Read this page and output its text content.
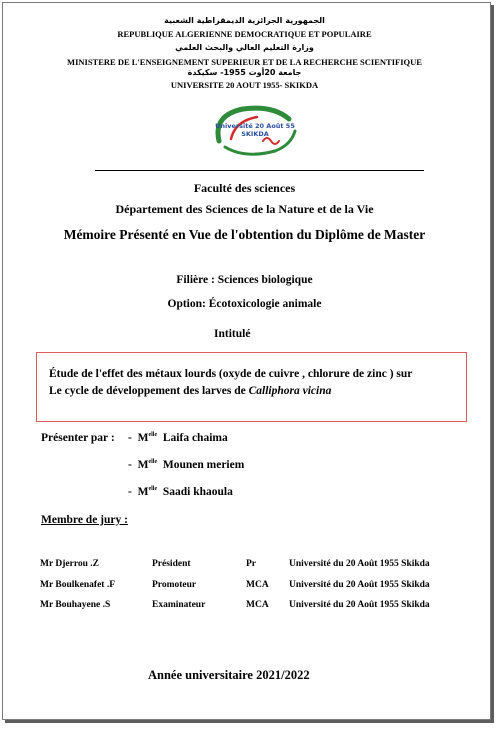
الجمهورية الجزائرية الديمقراطية الشعبية
REPUBLIQUE ALGERIENNE DEMOCRATIQUE ET POPULAIRE
وزارة التعليم العالي والبحث العلمي
MINISTERE DE L'ENSEIGNEMENT SUPERIEUR ET DE LA RECHERCHE SCIENTIFIQUE
جامعة 20أوت 1955- سكيكدة
UNIVERSITE 20 AOUT 1955- SKIKDA
Université 20 Août 55
SKIKDA
Faculté des sciences
Département des Sciences de la Nature et de la Vie
Mémoire Présenté en Vue de l'obtention du Diplôme de Master
Filière : Sciences biologique
Option: Écotoxicologie animale
Intitulé
Étude de l'effet des métaux lourds (oxyde de cuivre , chlorure de zinc ) sur
Le cycle de développement des larves de Calliphora vicina
Présenter par : - $M^{elle}$ Laifa chaima
- $M^{elle}$ Mounen meriem
- $M^{elle}$ Saadi khaoula
Membre de jury :
Mr Djerrou .Z	Président	Pr	Université du 20 Août 1955 Skikda
Mr Boulkenafet .F	Promoteur	MCA Université du 20 Août 1955 Skikda
Mr Bouhayene .S	Examinateur	MCA Université du 20 Août 1955 Skikda
Année universitaire 2021/2022
